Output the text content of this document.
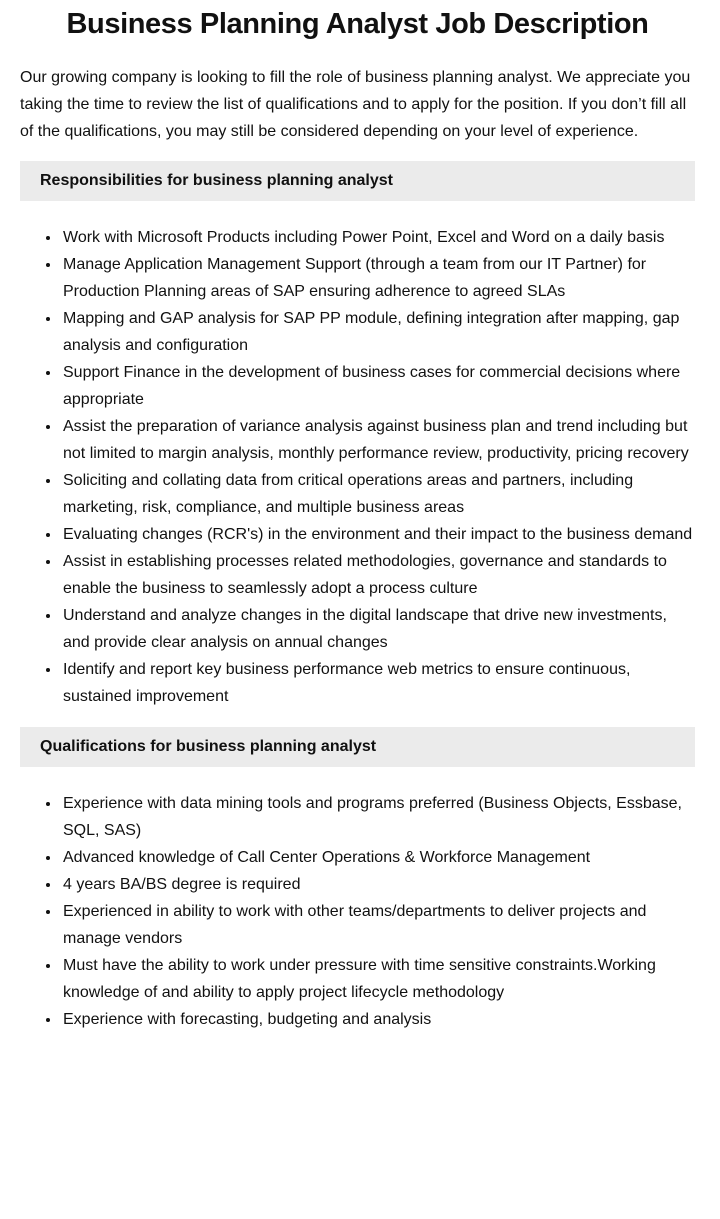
Business Planning Analyst Job Description

Our growing company is looking to fill the role of business planning analyst. We appreciate you taking the time to review the list of qualifications and to apply for the position. If you don’t fill all of the qualifications, you may still be considered depending on your level of experience.

Responsibilities for business planning analyst
• Work with Microsoft Products including Power Point, Excel and Word on a daily basis
• Manage Application Management Support (through a team from our IT Partner) for Production Planning areas of SAP ensuring adherence to agreed SLAs
• Mapping and GAP analysis for SAP PP module, defining integration after mapping, gap analysis and configuration
• Support Finance in the development of business cases for commercial decisions where appropriate
• Assist the preparation of variance analysis against business plan and trend including but not limited to margin analysis, monthly performance review, productivity, pricing recovery
• Soliciting and collating data from critical operations areas and partners, including marketing, risk, compliance, and multiple business areas
• Evaluating changes (RCR's) in the environment and their impact to the business demand
• Assist in establishing processes related methodologies, governance and standards to enable the business to seamlessly adopt a process culture
• Understand and analyze changes in the digital landscape that drive new investments, and provide clear analysis on annual changes
• Identify and report key business performance web metrics to ensure continuous, sustained improvement
Qualifications for business planning analyst
• Experience with data mining tools and programs preferred (Business Objects, Essbase, SQL, SAS)
• Advanced knowledge of Call Center Operations & Workforce Management
• 4 years BA/BS degree is required
• Experienced in ability to work with other teams/departments to deliver projects and manage vendors
• Must have the ability to work under pressure with time sensitive constraints.Working knowledge of and ability to apply project lifecycle methodology
• Experience with forecasting, budgeting and analysis
